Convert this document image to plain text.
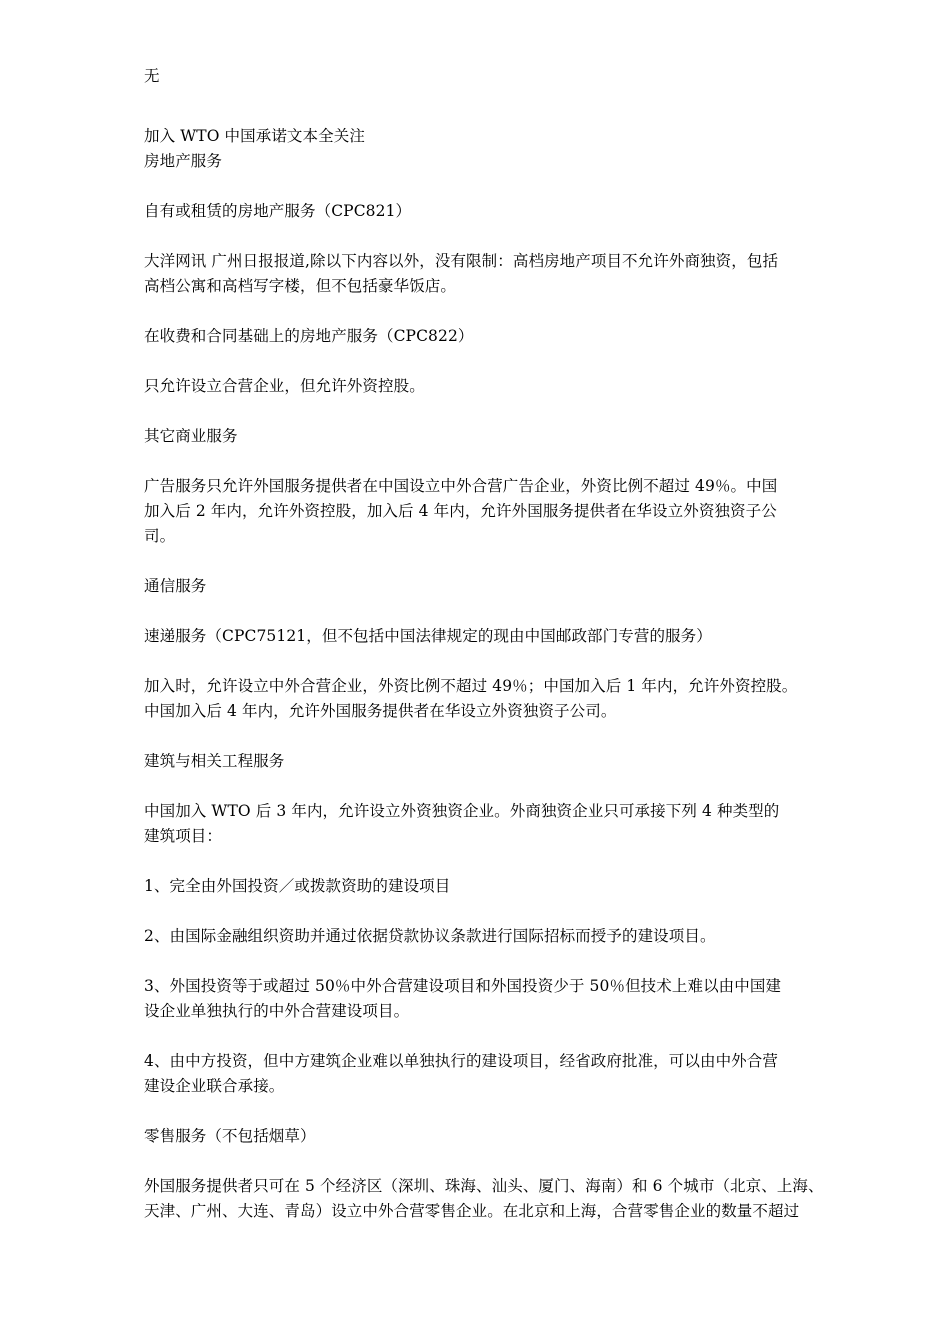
无

加入 WTO 中国承诺文本全关注
房地产服务

自有或租赁的房地产服务（CPC821）

大洋网讯 广州日报报道,除以下内容以外，没有限制：高档房地产项目不允许外商独资，包括
高档公寓和高档写字楼，但不包括豪华饭店。

在收费和合同基础上的房地产服务（CPC822）

只允许设立合营企业，但允许外资控股。

其它商业服务

广告服务只允许外国服务提供者在中国设立中外合营广告企业，外资比例不超过 49％。中国
加入后 2 年内，允许外资控股，加入后 4 年内，允许外国服务提供者在华设立外资独资子公
司。

通信服务

速递服务（CPC75121，但不包括中国法律规定的现由中国邮政部门专营的服务）

加入时，允许设立中外合营企业，外资比例不超过 49％；中国加入后 1 年内，允许外资控股。
中国加入后 4 年内，允许外国服务提供者在华设立外资独资子公司。

建筑与相关工程服务

中国加入 WTO 后 3 年内，允许设立外资独资企业。外商独资企业只可承接下列 4 种类型的
建筑项目：

1、完全由外国投资／或拨款资助的建设项目

2、由国际金融组织资助并通过依据贷款协议条款进行国际招标而授予的建设项目。

3、外国投资等于或超过 50％中外合营建设项目和外国投资少于 50％但技术上难以由中国建
设企业单独执行的中外合营建设项目。

4、由中方投资，但中方建筑企业难以单独执行的建设项目，经省政府批准，可以由中外合营
建设企业联合承接。

零售服务（不包括烟草）

外国服务提供者只可在 5 个经济区（深圳、珠海、汕头、厦门、海南）和 6 个城市（北京、上海、
天津、广州、大连、青岛）设立中外合营零售企业。在北京和上海，合营零售企业的数量不超过
